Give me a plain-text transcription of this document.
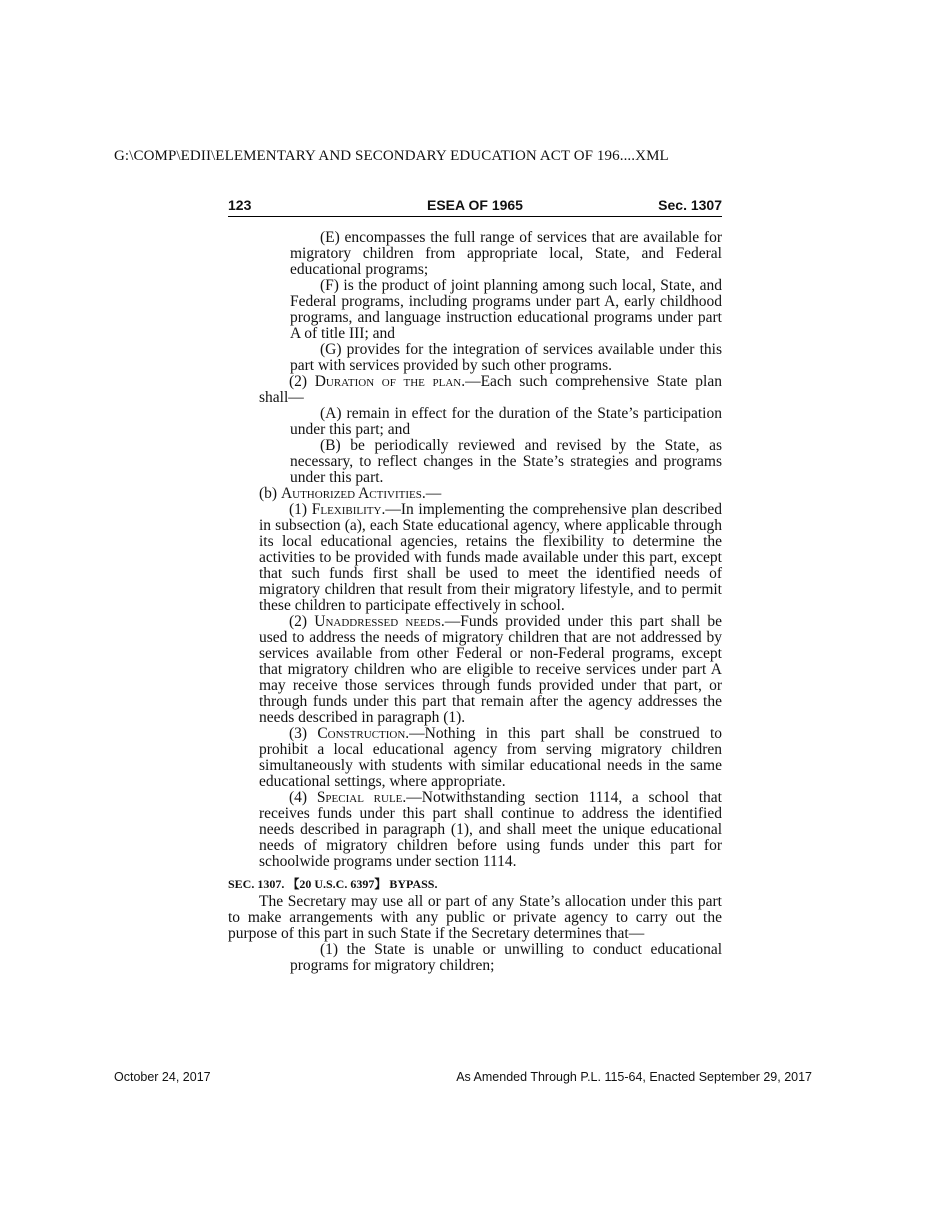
G:\COMP\EDII\ELEMENTARY AND SECONDARY EDUCATION ACT OF 196....XML
ESEA OF 1965
123	Sec. 1307

(E) encompasses the full range of services that are available for migratory children from appropriate local, State, and Federal educational programs;

(F) is the product of joint planning among such local, State, and Federal programs, including programs under part A, early childhood programs, and language instruction educational programs under part A of title III; and

(G) provides for the integration of services available under this part with services provided by such other programs.

(2) Duration of the plan.—Each such comprehensive State plan shall—

(A) remain in effect for the duration of the State’s participation under this part; and

(B) be periodically reviewed and revised by the State, as necessary, to reflect changes in the State’s strategies and programs under this part.

(b) Authorized Activities.—

(1) Flexibility.—In implementing the comprehensive plan described in subsection (a), each State educational agency, where applicable through its local educational agencies, retains the flexibility to determine the activities to be provided with funds made available under this part, except that such funds first shall be used to meet the identified needs of migratory children that result from their migratory lifestyle, and to permit these children to participate effectively in school.

(2) Unaddressed needs.—Funds provided under this part shall be used to address the needs of migratory children that are not addressed by services available from other Federal or non-Federal programs, except that migratory children who are eligible to receive services under part A may receive those services through funds provided under that part, or through funds under this part that remain after the agency addresses the needs described in paragraph (1).

(3) Construction.—Nothing in this part shall be construed to prohibit a local educational agency from serving migratory children simultaneously with students with similar educational needs in the same educational settings, where appropriate.

(4) Special rule.—Notwithstanding section 1114, a school that receives funds under this part shall continue to address the identified needs described in paragraph (1), and shall meet the unique educational needs of migratory children before using funds under this part for schoolwide programs under section 1114.

SEC. 1307. 【20 U.S.C. 6397】 BYPASS.

The Secretary may use all or part of any State’s allocation under this part to make arrangements with any public or private agency to carry out the purpose of this part in such State if the Secretary determines that—

(1) the State is unable or unwilling to conduct educational programs for migratory children;

October 24, 2017	As Amended Through P.L. 115-64, Enacted September 29, 2017
